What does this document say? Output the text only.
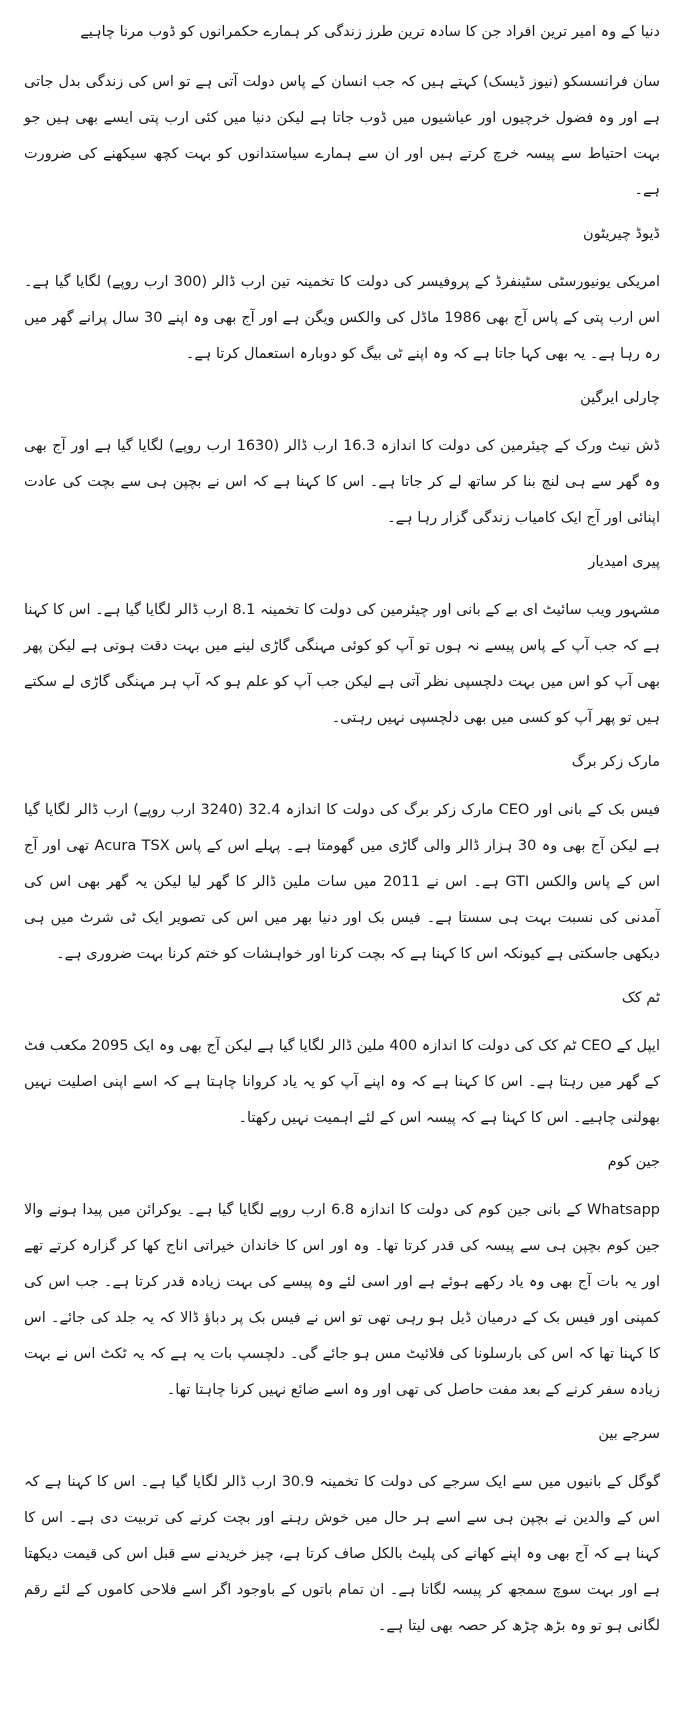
دنیا کے وہ امیر ترین افراد جن کا سادہ ترین طرز زندگی کر ہمارے حکمرانوں کو ڈوب مرنا چاہیے

سان فرانسسکو (نیوز ڈیسک) کہتے ہیں کہ جب انسان کے پاس دولت آتی ہے تو اس کی زندگی بدل جاتی ہے اور وہ فضول خرچیوں اور عیاشیوں میں ڈوب جاتا ہے لیکن دنیا میں کئی ارب پتی ایسے بھی ہیں جو بہت احتیاط سے پیسہ خرچ کرتے ہیں اور ان سے ہمارے سیاستدانوں کو بہت کچھ سیکھنے کی ضرورت ہے۔

ڈیوڈ چیریٹون

امریکی یونیورسٹی سٹینفرڈ کے پروفیسر کی دولت کا تخمینہ تین ارب ڈالر (300 ارب روپے) لگایا گیا ہے۔ اس ارب پتی کے پاس آج بھی 1986 ماڈل کی والکس ویگن ہے اور آج بھی وہ اپنے 30 سال پرانے گھر میں رہ رہا ہے۔ یہ بھی کہا جاتا ہے کہ وہ اپنے ٹی بیگ کو دوبارہ استعمال کرتا ہے۔

چارلی ایرگین

ڈش نیٹ ورک کے چیئرمین کی دولت کا اندازہ 16.3 ارب ڈالر (1630 ارب روپے) لگایا گیا ہے اور آج بھی وہ گھر سے ہی لنچ بنا کر ساتھ لے کر جاتا ہے۔ اس کا کہنا ہے کہ اس نے بچپن ہی سے بچت کی عادت اپنائی اور آج ایک کامیاب زندگی گزار رہا ہے۔

پیری امیدیار

مشہور ویب سائیٹ ای بے کے بانی اور چیئرمین کی دولت کا تخمینہ 8.1 ارب ڈالر لگایا گیا ہے۔ اس کا کہنا ہے کہ جب آپ کے پاس پیسے نہ ہوں تو آپ کو کوئی مہنگی گاڑی لینے میں بہت دقت ہوتی ہے لیکن پھر بھی آپ کو اس میں بہت دلچسپی نظر آتی ہے لیکن جب آپ کو علم ہو کہ آپ ہر مہنگی گاڑی لے سکتے ہیں تو پھر آپ کو کسی میں بھی دلچسپی نہیں رہتی۔

مارک زکر برگ

فیس بک کے بانی اور CEO مارک زکر برگ کی دولت کا اندازہ 32.4 (3240 ارب روپے) ارب ڈالر لگایا گیا ہے لیکن آج بھی وہ 30 ہزار ڈالر والی گاڑی میں گھومتا ہے۔ پہلے اس کے پاس Acura TSX تھی اور آج اس کے پاس والکس GTI ہے۔ اس نے 2011 میں سات ملین ڈالر کا گھر لیا لیکن یہ گھر بھی اس کی آمدنی کی نسبت بہت ہی سستا ہے۔ فیس بک اور دنیا بھر میں اس کی تصویر ایک ٹی شرٹ میں ہی دیکھی جاسکتی ہے کیونکہ اس کا کہنا ہے کہ بچت کرنا اور خواہشات کو ختم کرنا بہت ضروری ہے۔

ٹم کک

ایپل کے CEO ٹم کک کی دولت کا اندازہ 400 ملین ڈالر لگایا گیا ہے لیکن آج بھی وہ ایک 2095 مکعب فٹ کے گھر میں رہتا ہے۔ اس کا کہنا ہے کہ وہ اپنے آپ کو یہ یاد کروانا چاہتا ہے کہ اسے اپنی اصلیت نہیں بھولنی چاہیے۔ اس کا کہنا ہے کہ پیسہ اس کے لئے اہمیت نہیں رکھتا۔

جین کوم

Whatsapp کے بانی جین کوم کی دولت کا اندازہ 6.8 ارب روپے لگایا گیا ہے۔ یوکرائن میں پیدا ہونے والا جین کوم بچپن ہی سے پیسہ کی قدر کرتا تھا۔ وہ اور اس کا خاندان خیراتی اناج کھا کر گزارہ کرتے تھے اور یہ بات آج بھی وہ یاد رکھے ہوئے ہے اور اسی لئے وہ پیسے کی بہت زیادہ قدر کرتا ہے۔ جب اس کی کمپنی اور فیس بک کے درمیان ڈیل ہو رہی تھی تو اس نے فیس بک پر دباؤ ڈالا کہ یہ جلد کی جائے۔ اس کا کہنا تھا کہ اس کی بارسلونا کی فلائیٹ مس ہو جائے گی۔ دلچسپ بات یہ ہے کہ یہ ٹکٹ اس نے بہت زیادہ سفر کرنے کے بعد مفت حاصل کی تھی اور وہ اسے ضائع نہیں کرنا چاہتا تھا۔

سرجے بین

گوگل کے بانیوں میں سے ایک سرجے کی دولت کا تخمینہ 30.9 ارب ڈالر لگایا گیا ہے۔ اس کا کہنا ہے کہ اس کے والدین نے بچپن ہی سے اسے ہر حال میں خوش رہنے اور بچت کرنے کی تربیت دی ہے۔ اس کا کہنا ہے کہ آج بھی وہ اپنے کھانے کی پلیٹ بالکل صاف کرتا ہے، چیز خریدنے سے قبل اس کی قیمت دیکھتا ہے اور بہت سوچ سمجھ کر پیسہ لگاتا ہے۔ ان تمام باتوں کے باوجود اگر اسے فلاحی کاموں کے لئے رقم لگانی ہو تو وہ بڑھ چڑھ کر حصہ بھی لیتا ہے۔
